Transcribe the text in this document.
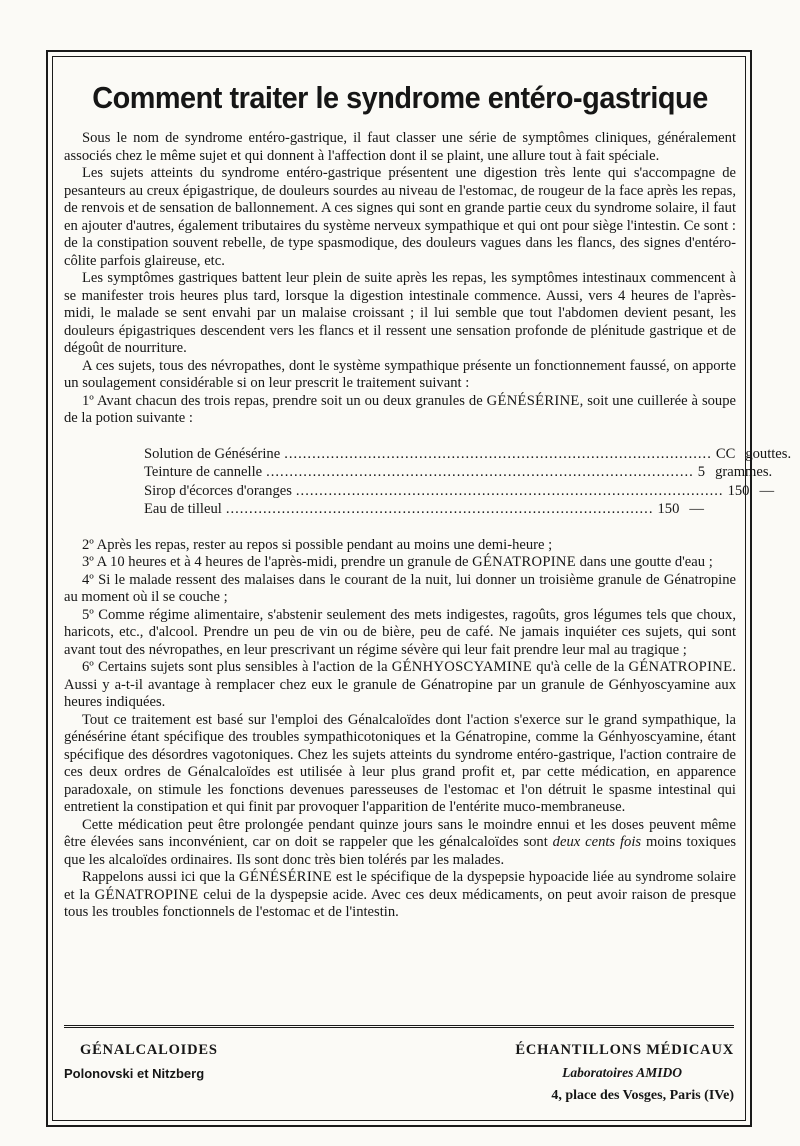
Comment traiter le syndrome entéro-gastrique

Sous le nom de syndrome entéro-gastrique, il faut classer une série de symptômes cliniques, généralement associés chez le même sujet et qui donnent à l'affection dont il se plaint, une allure tout à fait spéciale.

Les sujets atteints du syndrome entéro-gastrique présentent une digestion très lente qui s'accompagne de pesanteurs au creux épigastrique, de douleurs sourdes au niveau de l'estomac, de rougeur de la face après les repas, de renvois et de sensation de ballonnement. A ces signes qui sont en grande partie ceux du syndrome solaire, il faut en ajouter d'autres, également tributaires du système nerveux sympathique et qui ont pour siège l'intestin. Ce sont : de la constipation souvent rebelle, de type spasmodique, des douleurs vagues dans les flancs, des signes d'entéro-côlite parfois glaireuse, etc.

Les symptômes gastriques battent leur plein de suite après les repas, les symptômes intestinaux commencent à se manifester trois heures plus tard, lorsque la digestion intestinale commence. Aussi, vers 4 heures de l'après-midi, le malade se sent envahi par un malaise croissant ; il lui semble que tout l'abdomen devient pesant, les douleurs épigastriques descendent vers les flancs et il ressent une sensation profonde de plénitude gastrique et de dégoût de nourriture.

A ces sujets, tous des névropathes, dont le système sympathique présente un fonctionnement faussé, on apporte un soulagement considérable si on leur prescrit le traitement suivant :

1º Avant chacun des trois repas, prendre soit un ou deux granules de GÉNÉSÉRINE, soit une cuillerée à soupe de la potion suivante :

Solution de Génésérine ............................................................................................ CC gouttes.
Teinture de cannelle ............................................................................................ 5 grammes.
Sirop d'écorces d'oranges ............................................................................................ 150 —
Eau de tilleul ............................................................................................ 150 —

2º Après les repas, rester au repos si possible pendant au moins une demi-heure ;

3º A 10 heures et à 4 heures de l'après-midi, prendre un granule de GÉNATROPINE dans une goutte d'eau ;

4º Si le malade ressent des malaises dans le courant de la nuit, lui donner un troisième granule de Génatropine au moment où il se couche ;

5º Comme régime alimentaire, s'abstenir seulement des mets indigestes, ragoûts, gros légumes tels que choux, haricots, etc., d'alcool. Prendre un peu de vin ou de bière, peu de café. Ne jamais inquiéter ces sujets, qui sont avant tout des névropathes, en leur prescrivant un régime sévère qui leur fait prendre leur mal au tragique ;

6º Certains sujets sont plus sensibles à l'action de la GÉNHYOSCYAMINE qu'à celle de la GÉNATROPINE. Aussi y a-t-il avantage à remplacer chez eux le granule de Génatropine par un granule de Génhyoscyamine aux heures indiquées.

Tout ce traitement est basé sur l'emploi des Génalcaloïdes dont l'action s'exerce sur le grand sympathique, la génésérine étant spécifique des troubles sympathicotoniques et la Génatropine, comme la Génhyoscyamine, étant spécifique des désordres vagotoniques. Chez les sujets atteints du syndrome entéro-gastrique, l'action contraire de ces deux ordres de Génalcaloïdes est utilisée à leur plus grand profit et, par cette médication, en apparence paradoxale, on stimule les fonctions devenues paresseuses de l'estomac et l'on détruit le spasme intestinal qui entretient la constipation et qui finit par provoquer l'apparition de l'entérite muco-membraneuse.

Cette médication peut être prolongée pendant quinze jours sans le moindre ennui et les doses peuvent même être élevées sans inconvénient, car on doit se rappeler que les génalcaloïdes sont deux cents fois moins toxiques que les alcaloïdes ordinaires. Ils sont donc très bien tolérés par les malades.

Rappelons aussi ici que la GÉNÉSÉRINE est le spécifique de la dyspepsie hypoacide liée au syndrome solaire et la GÉNATROPINE celui de la dyspepsie acide. Avec ces deux médicaments, on peut avoir raison de presque tous les troubles fonctionnels de l'estomac et de l'intestin.

GÉNALCALOIDES
Polonovski et Nitzberg
ÉCHANTILLONS MÉDICAUX
Laboratoires AMIDO
4, place des Vosges, Paris (IVe)
